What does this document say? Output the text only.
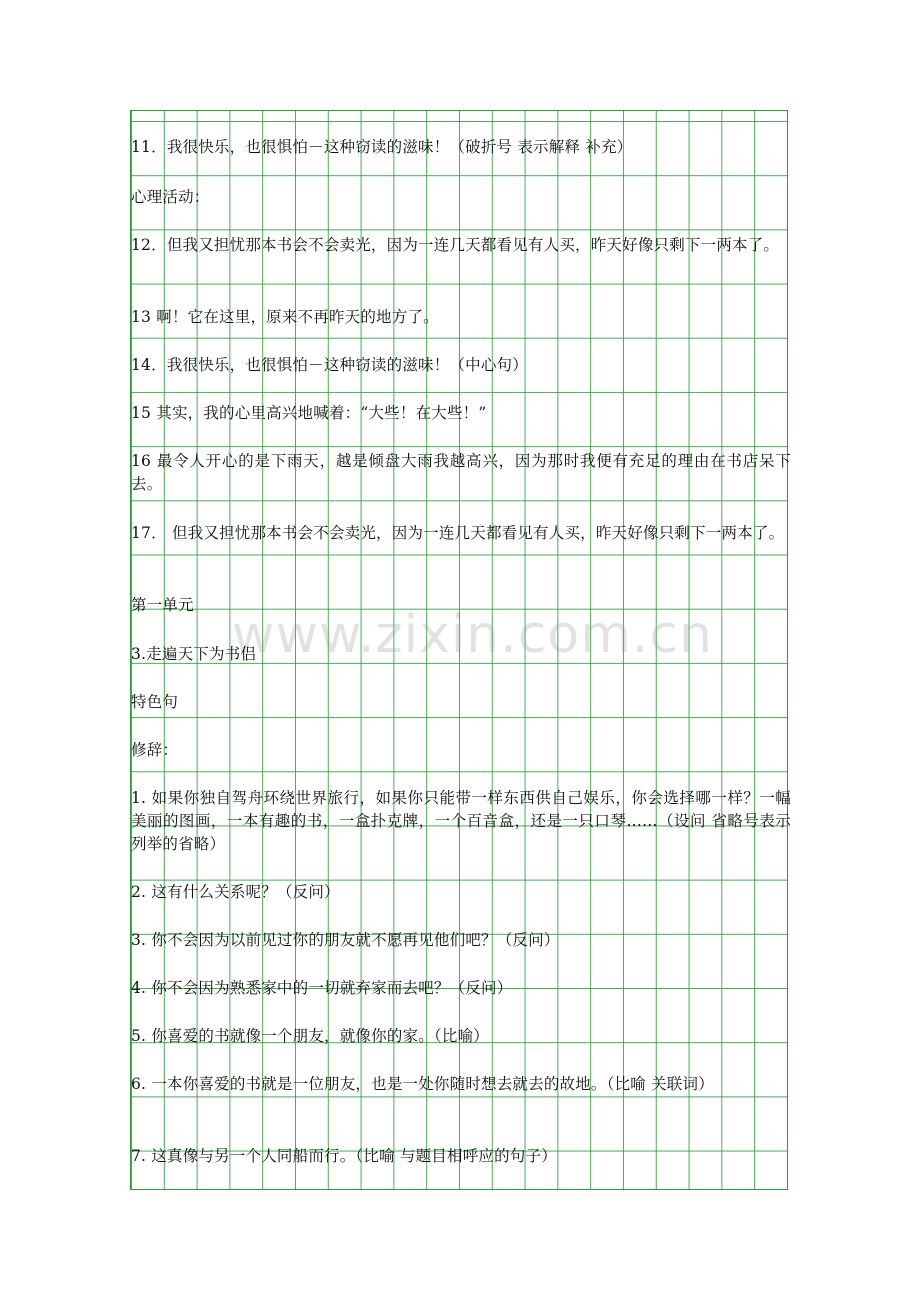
www.zixin.com.cn
11．我很快乐，也很惧怕－这种窃读的滋味！（破折号 表示解释 补充）
心理活动：
12．但我又担忧那本书会不会卖光，因为一连几天都看见有人买，昨天好像只剩下一两本了。
13 啊！它在这里，原来不再昨天的地方了。
14．我很快乐，也很惧怕－这种窃读的滋味！（中心句）
15 其实，我的心里高兴地喊着：“大些！在大些！”
16 最令人开心的是下雨天，越是倾盘大雨我越高兴，因为那时我便有充足的理由在书店呆下去。
17． 但我又担忧那本书会不会卖光，因为一连几天都看见有人买，昨天好像只剩下一两本了。
第一单元
3.走遍天下为书侣
特色句
修辞：
1. 如果你独自驾舟环绕世界旅行，如果你只能带一样东西供自己娱乐，你会选择哪一样？一幅美丽的图画，一本有趣的书，一盒扑克牌，一个百音盒，还是一只口琴……（设问 省略号表示列举的省略）
2. 这有什么关系呢？（反问）
3. 你不会因为以前见过你的朋友就不愿再见他们吧？（反问）
4. 你不会因为熟悉家中的一切就弃家而去吧？（反问）
5. 你喜爱的书就像一个朋友，就像你的家。（比喻）
6. 一本你喜爱的书就是一位朋友，也是一处你随时想去就去的故地。（比喻 关联词）
7. 这真像与另一个人同船而行。（比喻 与题目相呼应的句子）
